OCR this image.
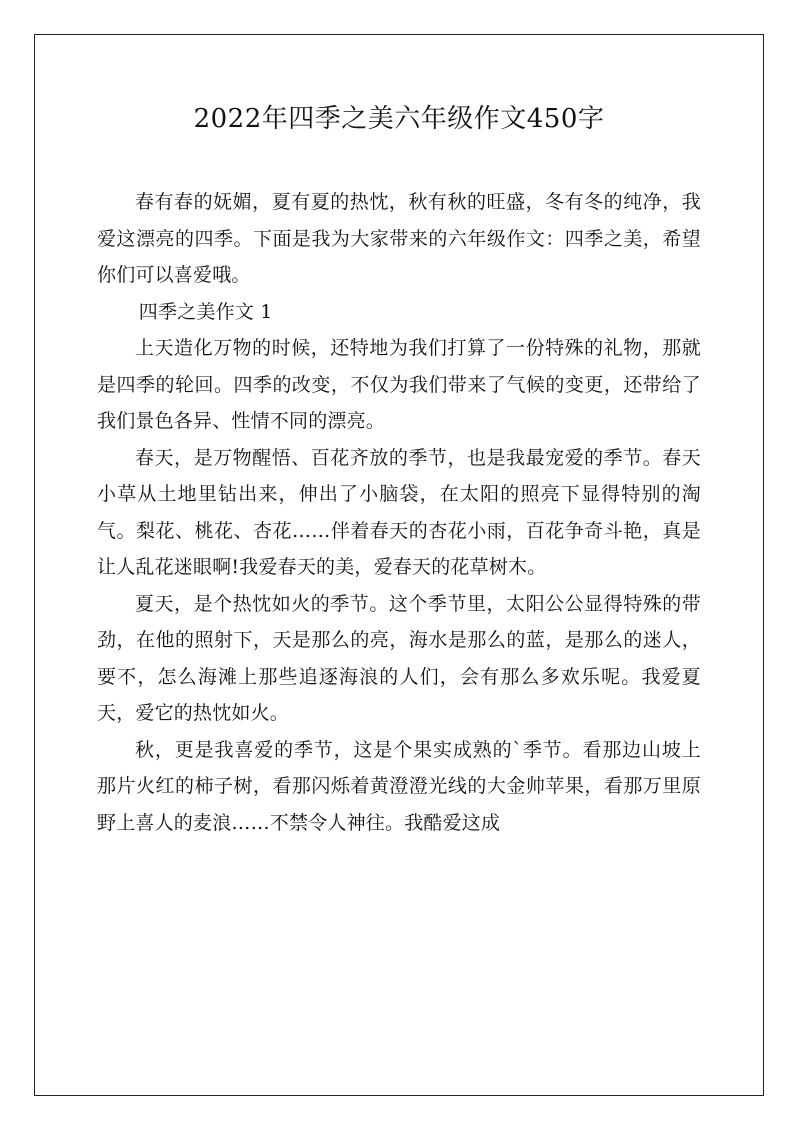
2022年四季之美六年级作文450字

春有春的妩媚，夏有夏的热忱，秋有秋的旺盛，冬有冬的纯净，我爱这漂亮的四季。下面是我为大家带来的六年级作文：四季之美，希望你们可以喜爱哦。

四季之美作文 1

上天造化万物的时候，还特地为我们打算了一份特殊的礼物，那就是四季的轮回。四季的改变，不仅为我们带来了气候的变更，还带给了我们景色各异、性情不同的漂亮。

春天，是万物醒悟、百花齐放的季节，也是我最宠爱的季节。春天小草从土地里钻出来，伸出了小脑袋，在太阳的照亮下显得特别的淘气。梨花、桃花、杏花……伴着春天的杏花小雨，百花争奇斗艳，真是让人乱花迷眼啊!我爱春天的美，爱春天的花草树木。

夏天，是个热忱如火的季节。这个季节里，太阳公公显得特殊的带劲，在他的照射下，天是那么的亮，海水是那么的蓝，是那么的迷人，要不，怎么海滩上那些追逐海浪的人们，会有那么多欢乐呢。我爱夏天，爱它的热忱如火。

秋，更是我喜爱的季节，这是个果实成熟的`季节。看那边山坡上那片火红的柿子树，看那闪烁着黄澄澄光线的大金帅苹果，看那万里原野上喜人的麦浪……不禁令人神往。我酷爱这成
